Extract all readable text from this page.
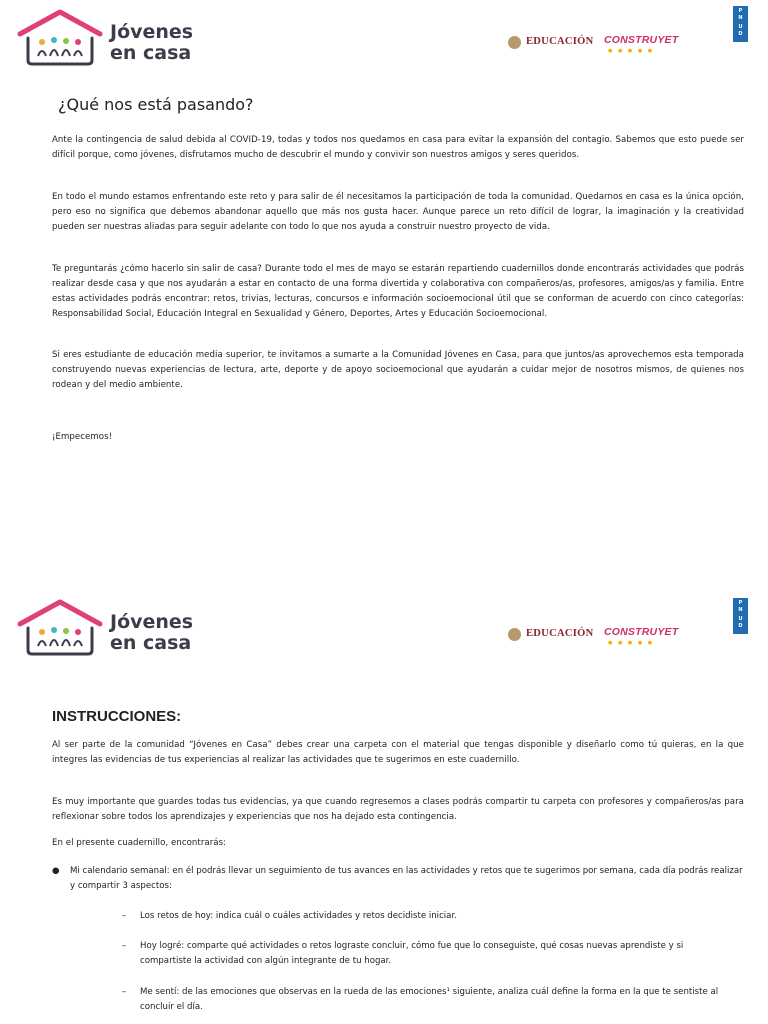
Jóvenes
en casa
EDUCACIÓN CONSTRUYET
● ● ● ● ●
P
N
U
D
¿Qué nos está pasando?

Ante la contingencia de salud debida al COVID-19, todas y todos nos quedamos en casa para evitar la expansión del contagio. Sabemos que esto puede ser difícil porque, como jóvenes, disfrutamos mucho de descubrir el mundo y convivir son nuestros amigos y seres queridos.

En todo el mundo estamos enfrentando este reto y para salir de él necesitamos la participación de toda la comunidad. Quedarnos en casa es la única opción, pero eso no significa que debemos abandonar aquello que más nos gusta hacer. Aunque parece un reto difícil de lograr, la imaginación y la creatividad pueden ser nuestras aliadas para seguir adelante con todo lo que nos ayuda a construir nuestro proyecto de vida.

Te preguntarás ¿cómo hacerlo sin salir de casa? Durante todo el mes de mayo se estarán repartiendo cuadernillos donde encontrarás actividades que podrás realizar desde casa y que nos ayudarán a estar en contacto de una forma divertida y colaborativa con compañeros/as, profesores, amigos/as y familia. Entre estas actividades podrás encontrar: retos, trivias, lecturas, concursos e información socioemocional útil que se conforman de acuerdo con cinco categorías: Responsabilidad Social, Educación Integral en Sexualidad y Género, Deportes, Artes y Educación Socioemocional.

Si eres estudiante de educación media superior, te invitamos a sumarte a la Comunidad Jóvenes en Casa, para que juntos/as aprovechemos esta temporada construyendo nuevas experiencias de lectura, arte, deporte y de apoyo socioemocional que ayudarán a cuidar mejor de nosotros mismos, de quienes nos rodean y del medio ambiente.

¡Empecemos!

Jóvenes
en casa	EDUCACIÓN CONSTRUYET
● ● ● ● ●
P
N
U
D
INSTRUCCIONES:

Al ser parte de la comunidad “Jóvenes en Casa” debes crear una carpeta con el material que tengas disponible y diseñarlo como tú quieras, en la que integres las evidencias de tus experiencias al realizar las actividades que te sugerimos en este cuadernillo.

Es muy importante que guardes todas tus evidencias, ya que cuando regresemos a clases podrás compartir tu carpeta con profesores y compañeros/as para reflexionar sobre todos los aprendizajes y experiencias que nos ha dejado esta contingencia.

En el presente cuadernillo, encontrarás:

● Mi calendario semanal: en él podrás llevar un seguimiento de tus avances en las actividades y retos que te sugerimos por semana, cada día podrás realizar y compartir 3 aspectos:
– Los retos de hoy: indica cuál o cuáles actividades y retos decidiste iniciar.
– Hoy logré: comparte qué actividades o retos lograste concluir, cómo fue que lo conseguiste, qué cosas nuevas aprendiste y si compartiste la actividad con algún integrante de tu hogar.
– Me sentí: de las emociones que observas en la rueda de las emociones¹ siguiente, analiza cuál define la forma en la que te sentiste al concluir el día.
